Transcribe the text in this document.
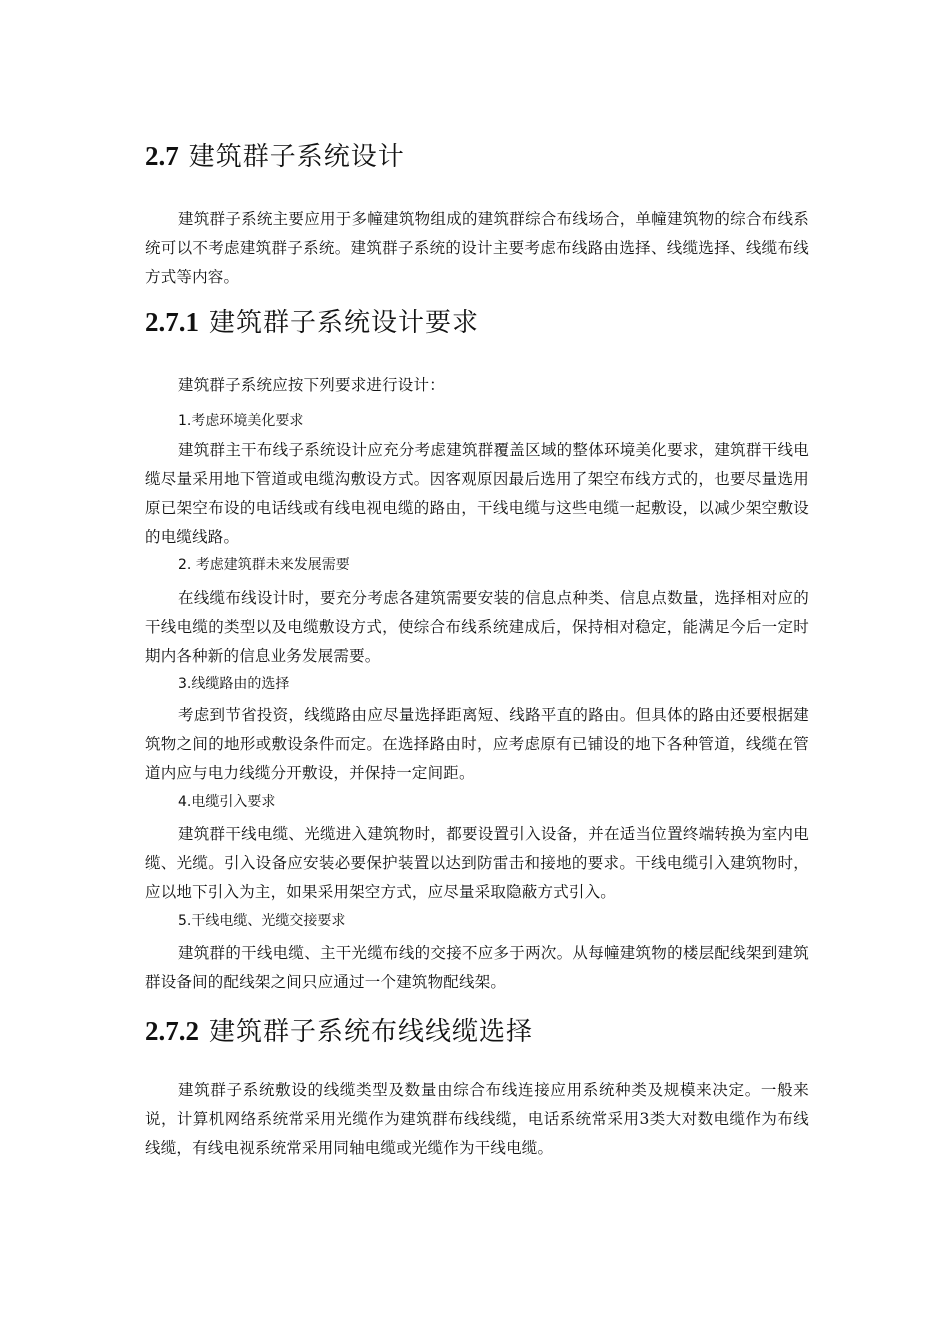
2.7 建筑群子系统设计

建筑群子系统主要应用于多幢建筑物组成的建筑群综合布线场合，单幢建筑物的综合布线系统可以不考虑建筑群子系统。建筑群子系统的设计主要考虑布线路由选择、线缆选择、线缆布线方式等内容。

2.7.1 建筑群子系统设计要求

建筑群子系统应按下列要求进行设计：

1.考虑环境美化要求

建筑群主干布线子系统设计应充分考虑建筑群覆盖区域的整体环境美化要求，建筑群干线电缆尽量采用地下管道或电缆沟敷设方式。因客观原因最后选用了架空布线方式的，也要尽量选用原已架空布设的电话线或有线电视电缆的路由，干线电缆与这些电缆一起敷设，以减少架空敷设的电缆线路。

2. 考虑建筑群未来发展需要

在线缆布线设计时，要充分考虑各建筑需要安装的信息点种类、信息点数量，选择相对应的干线电缆的类型以及电缆敷设方式，使综合布线系统建成后，保持相对稳定，能满足今后一定时期内各种新的信息业务发展需要。

3.线缆路由的选择

考虑到节省投资，线缆路由应尽量选择距离短、线路平直的路由。但具体的路由还要根据建筑物之间的地形或敷设条件而定。在选择路由时，应考虑原有已铺设的地下各种管道，线缆在管道内应与电力线缆分开敷设，并保持一定间距。

4.电缆引入要求

建筑群干线电缆、光缆进入建筑物时，都要设置引入设备，并在适当位置终端转换为室内电缆、光缆。引入设备应安装必要保护装置以达到防雷击和接地的要求。干线电缆引入建筑物时，应以地下引入为主，如果采用架空方式，应尽量采取隐蔽方式引入。

5.干线电缆、光缆交接要求

建筑群的干线电缆、主干光缆布线的交接不应多于两次。从每幢建筑物的楼层配线架到建筑群设备间的配线架之间只应通过一个建筑物配线架。

2.7.2 建筑群子系统布线线缆选择

建筑群子系统敷设的线缆类型及数量由综合布线连接应用系统种类及规模来决定。一般来说，计算机网络系统常采用光缆作为建筑群布线线缆，电话系统常采用3类大对数电缆作为布线线缆，有线电视系统常采用同轴电缆或光缆作为干线电缆。
